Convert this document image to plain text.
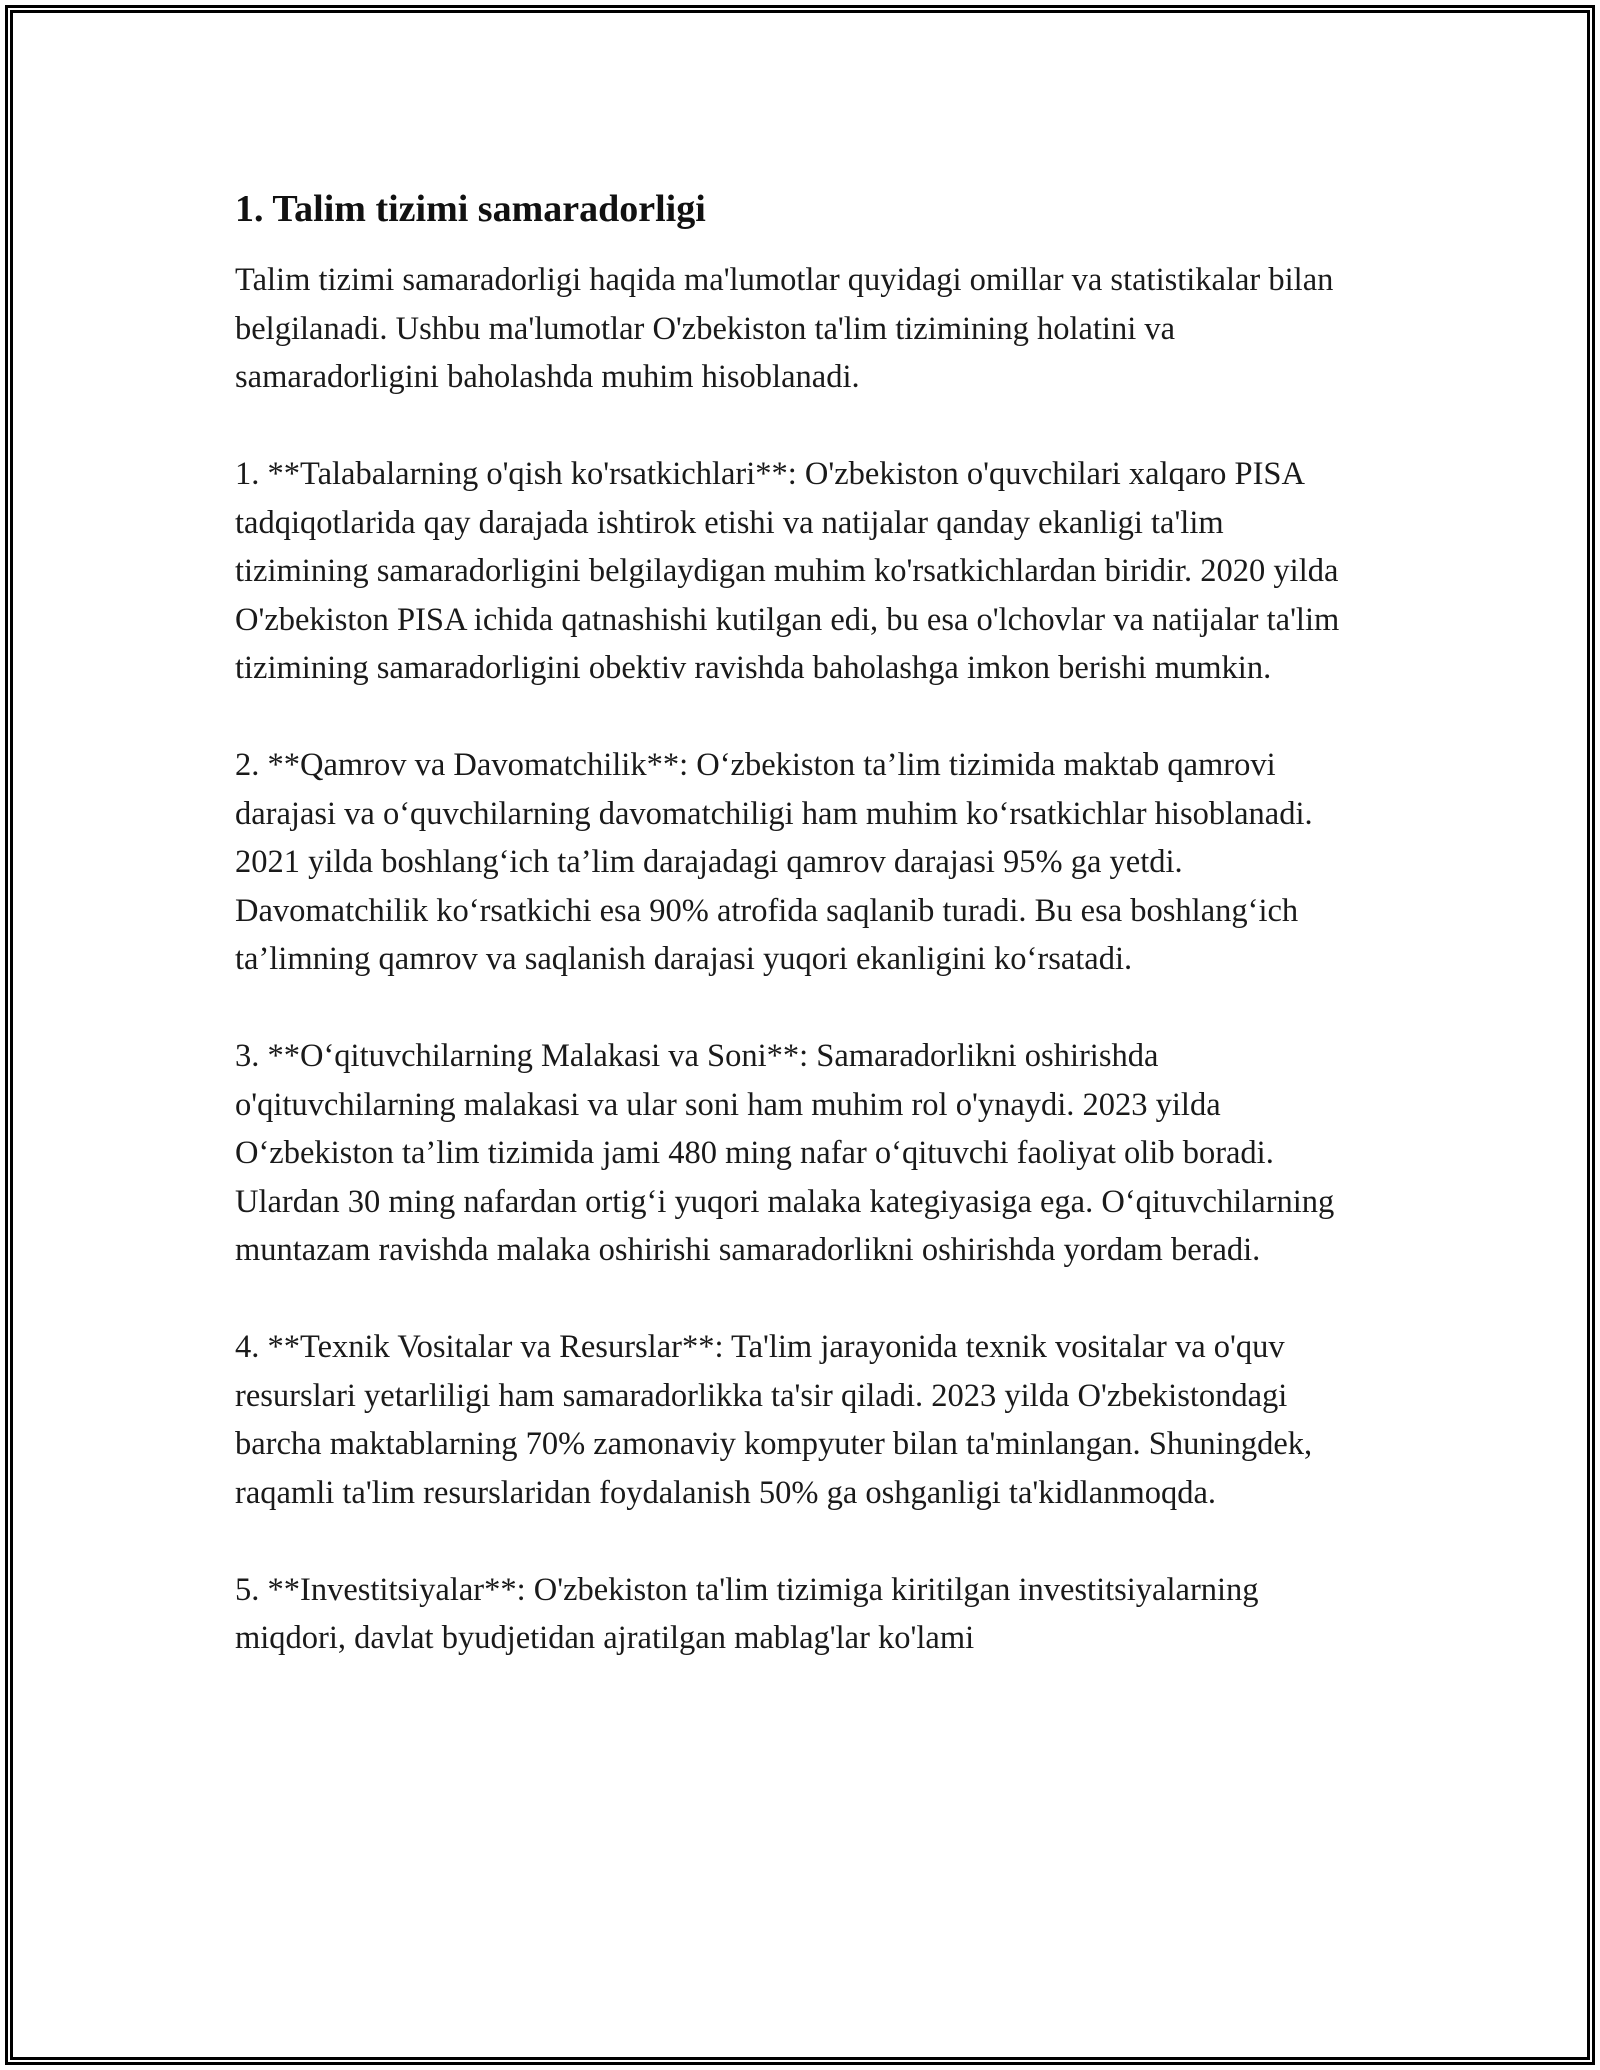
1. Talim tizimi samaradorligi

Talim tizimi samaradorligi haqida ma'lumotlar quyidagi omillar va statistikalar bilan belgilanadi. Ushbu ma'lumotlar O'zbekiston ta'lim tizimining holatini va samaradorligini baholashda muhim hisoblanadi.

1. **Talabalarning o'qish ko'rsatkichlari**: O'zbekiston o'quvchilari xalqaro PISA tadqiqotlarida qay darajada ishtirok etishi va natijalar qanday ekanligi ta'lim tizimining samaradorligini belgilaydigan muhim ko'rsatkichlardan biridir. 2020 yilda O'zbekiston PISA ichida qatnashishi kutilgan edi, bu esa o'lchovlar va natijalar ta'lim tizimining samaradorligini obektiv ravishda baholashga imkon berishi mumkin.

2. **Qamrov va Davomatchilik**: O‘zbekiston ta’lim tizimida maktab qamrovi darajasi va o‘quvchilarning davomatchiligi ham muhim ko‘rsatkichlar hisoblanadi. 2021 yilda boshlang‘ich ta’lim darajadagi qamrov darajasi 95% ga yetdi. Davomatchilik ko‘rsatkichi esa 90% atrofida saqlanib turadi. Bu esa boshlang‘ich ta’limning qamrov va saqlanish darajasi yuqori ekanligini ko‘rsatadi.

3. **O‘qituvchilarning Malakasi va Soni**: Samaradorlikni oshirishda o'qituvchilarning malakasi va ular soni ham muhim rol o'ynaydi. 2023 yilda O‘zbekiston ta’lim tizimida jami 480 ming nafar o‘qituvchi faoliyat olib boradi. Ulardan 30 ming nafardan ortig‘i yuqori malaka kategiyasiga ega. O‘qituvchilarning muntazam ravishda malaka oshirishi samaradorlikni oshirishda yordam beradi.

4. **Texnik Vositalar va Resurslar**: Ta'lim jarayonida texnik vositalar va o'quv resurslari yetarliligi ham samaradorlikka ta'sir qiladi. 2023 yilda O'zbekistondagi barcha maktablarning 70% zamonaviy kompyuter bilan ta'minlangan. Shuningdek, raqamli ta'lim resurslaridan foydalanish 50% ga oshganligi ta'kidlanmoqda.

5. **Investitsiyalar**: O'zbekiston ta'lim tizimiga kiritilgan investitsiyalarning miqdori, davlat byudjetidan ajratilgan mablag'lar ko'lami
